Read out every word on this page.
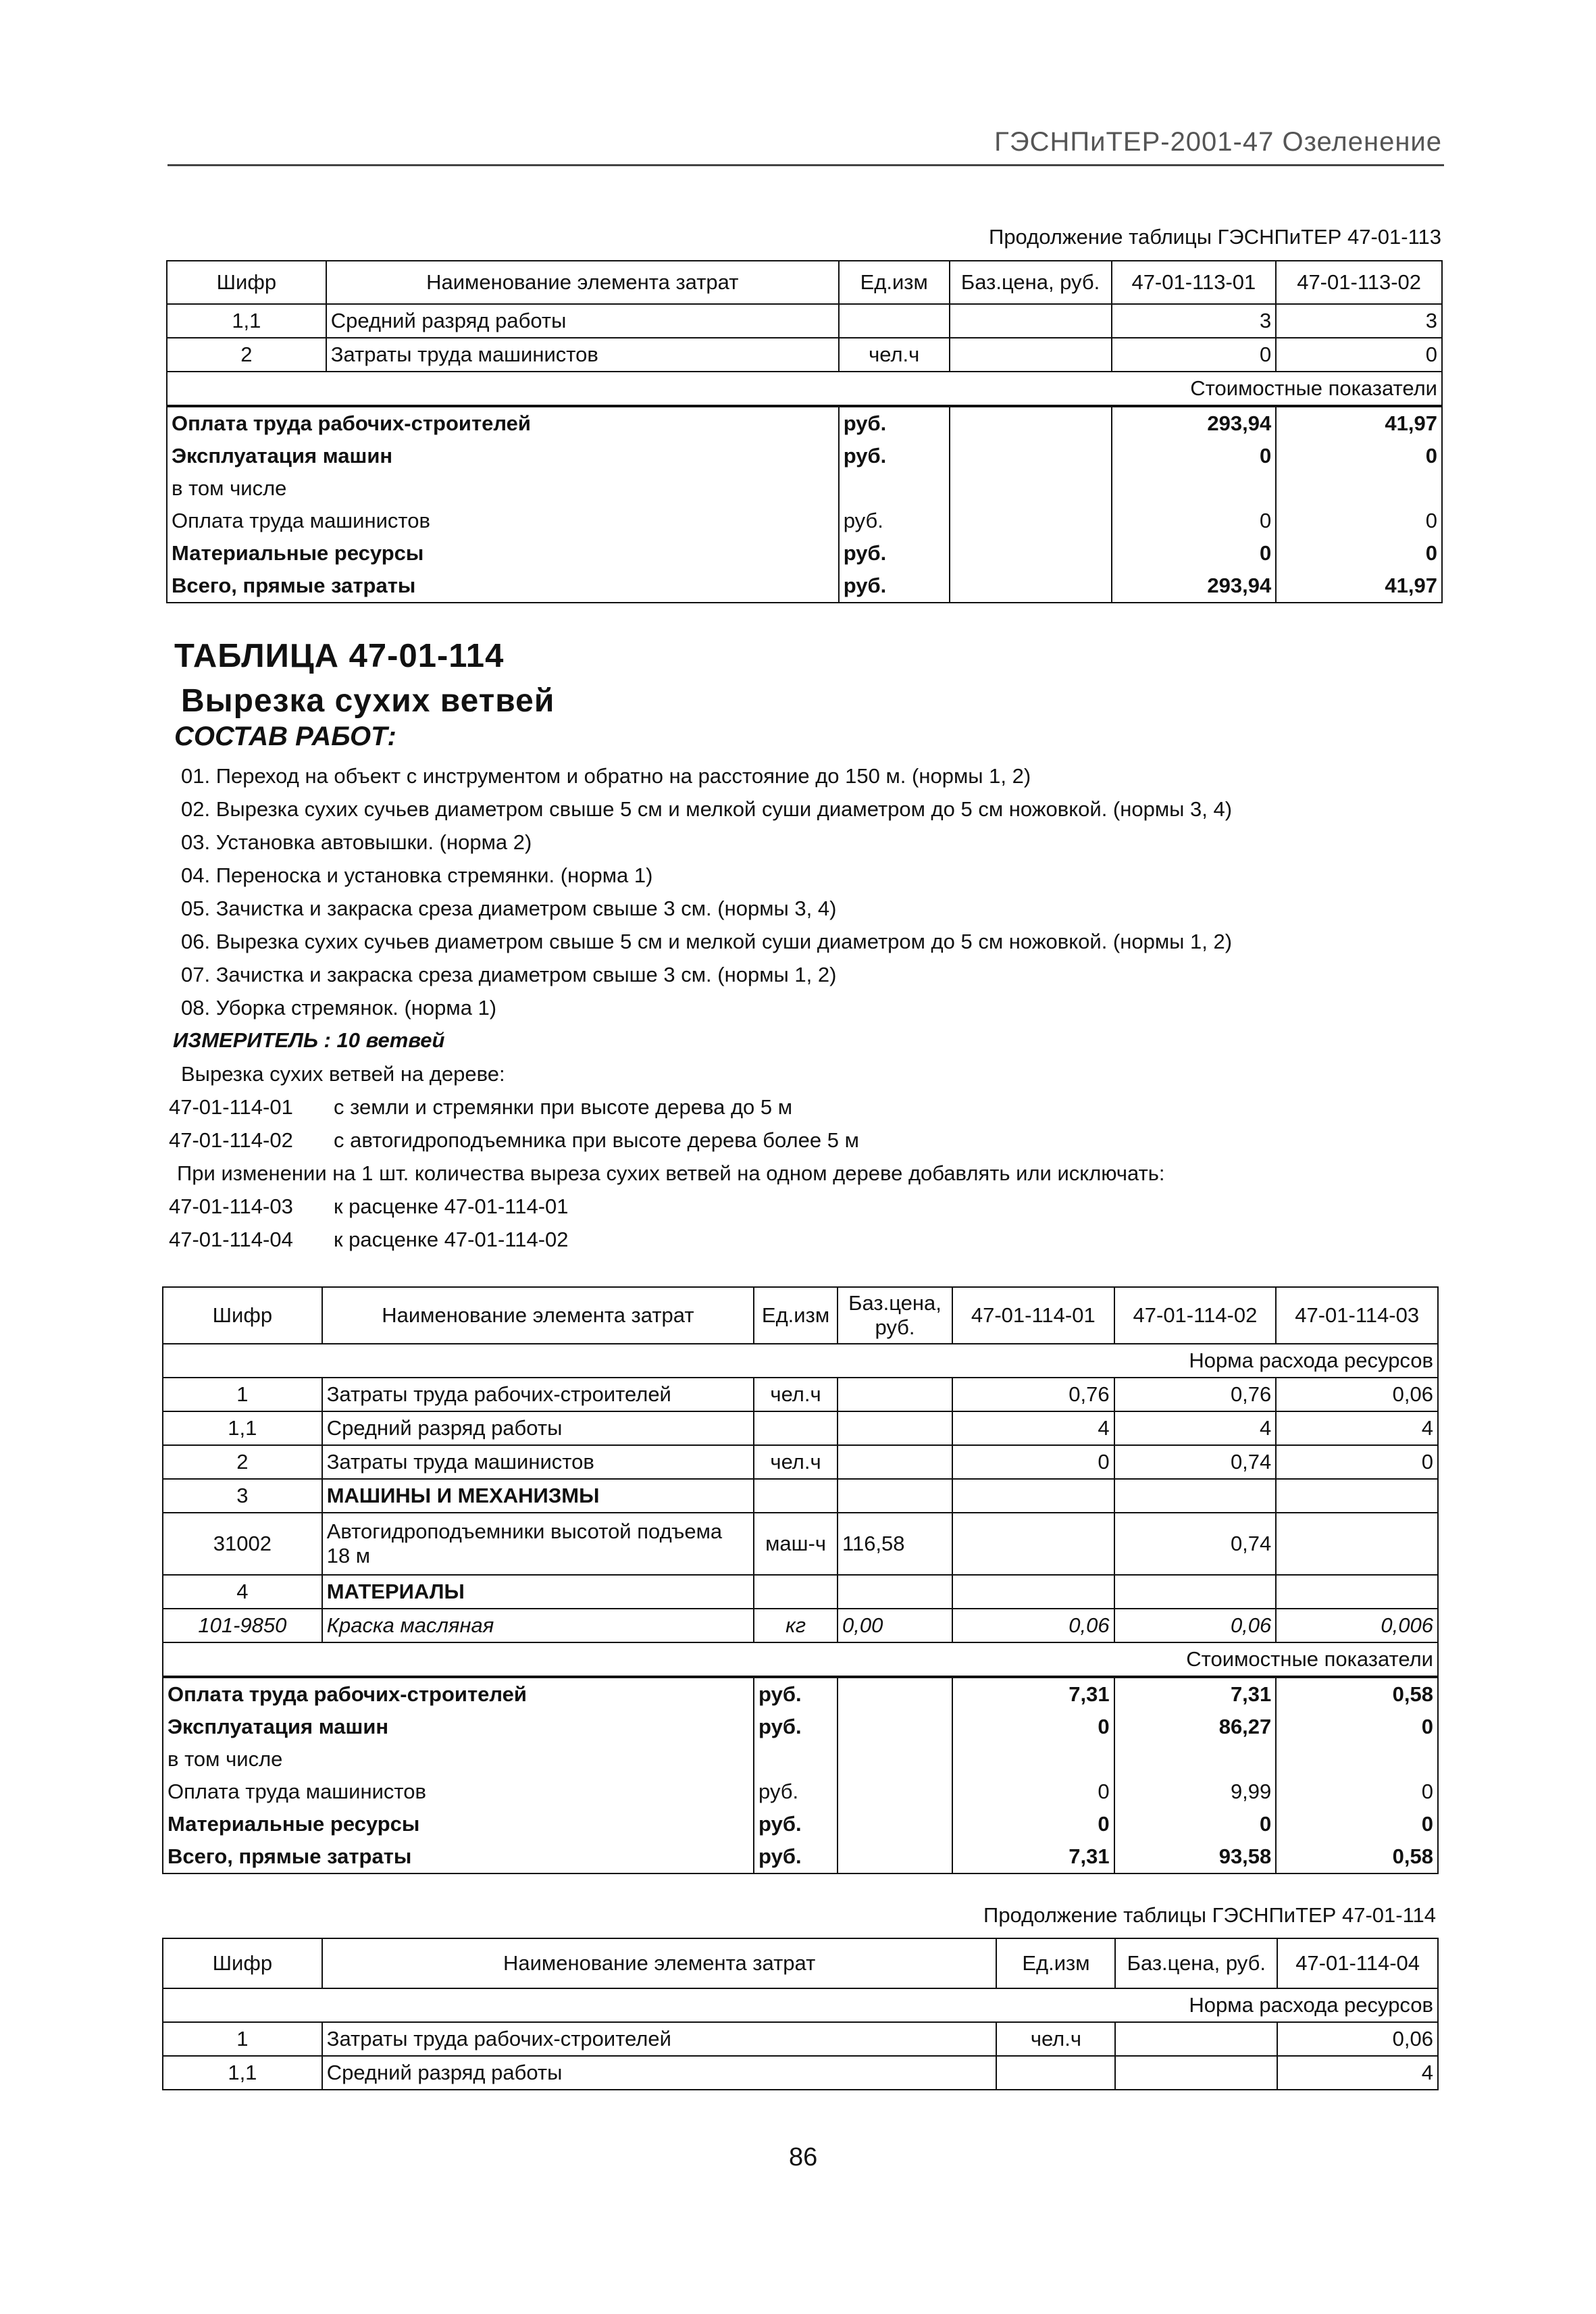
ГЭСНПиТЕР-2001-47 Озеленение
Продолжение таблицы ГЭСНПиТЕР 47-01-113
Шифр	Наименование элемента затрат	Ед.изм	Баз.цена, руб.	47-01-113-01	47-01-113-02
1,1	Средний разряд работы			3	3
2	Затраты труда машинистов	чел.ч		0	0
Стоимостные показатели					
Оплата труда рабочих-строителей		руб.		293,94	41,97
Эксплуатация машин		руб.		0	0
в том числе					
Оплата труда машинистов		руб.		0	0
Материальные ресурсы		руб.		0	0
Всего, прямые затраты		руб.		293,94	41,97
ТАБЛИЦА 47-01-114
Вырезка сухих ветвей
СОСТАВ РАБОТ:
01. Переход на объект с инструментом и обратно на расстояние до 150 м. (нормы 1, 2)
02. Вырезка сухих сучьев диаметром свыше 5 см и мелкой суши диаметром до 5 см ножовкой. (нормы 3, 4)
03. Установка автовышки. (норма 2)
04. Переноска и установка стремянки. (норма 1)
05. Зачистка и закраска среза диаметром свыше 3 см. (нормы 3, 4)
06. Вырезка сухих сучьев диаметром свыше 5 см и мелкой суши диаметром до 5 см ножовкой. (нормы 1, 2)
07. Зачистка и закраска среза диаметром свыше 3 см. (нормы 1, 2)
08. Уборка стремянок. (норма 1)
ИЗМЕРИТЕЛЬ : 10 ветвей
Вырезка сухих ветвей на дереве:
47-01-114-01 с земли и стремянки при высоте дерева до 5 м
47-01-114-02 с автогидроподъемника при высоте дерева более 5 м
При изменении на 1 шт. количества выреза сухих ветвей на одном дереве добавлять или исключать:
47-01-114-03 к расценке 47-01-114-01
47-01-114-04 к расценке 47-01-114-02
Шифр	Наименование элемента затрат	Ед.изм	Баз.цена, руб.	47-01-114-01	47-01-114-02	47-01-114-03
Норма расхода ресурсов						
1	Затраты труда рабочих-строителей	чел.ч		0,76	0,76	0,06
1,1	Средний разряд работы			4	4	4
2	Затраты труда машинистов	чел.ч		0	0,74	0
3	МАШИНЫ И МЕХАНИЗМЫ					
31002	Автогидроподъемники высотой подъема 18 м	маш-ч	116,58		0,74	
4	МАТЕРИАЛЫ					
101-9850	Краска масляная	кг	0,00	0,06	0,06	0,006
Стоимостные показатели						
Оплата труда рабочих-строителей		руб.		7,31	7,31	0,58
Эксплуатация машин		руб.		0	86,27	0
в том числе						
Оплата труда машинистов		руб.		0	9,99	0
Материальные ресурсы		руб.		0	0	0
Всего, прямые затраты		руб.		7,31	93,58	0,58
Продолжение таблицы ГЭСНПиТЕР 47-01-114
Шифр	Наименование элемента затрат	Ед.изм	Баз.цена, руб.	47-01-114-04
Норма расхода ресурсов				
1	Затраты труда рабочих-строителей	чел.ч		0,06
1,1	Средний разряд работы			4
86
